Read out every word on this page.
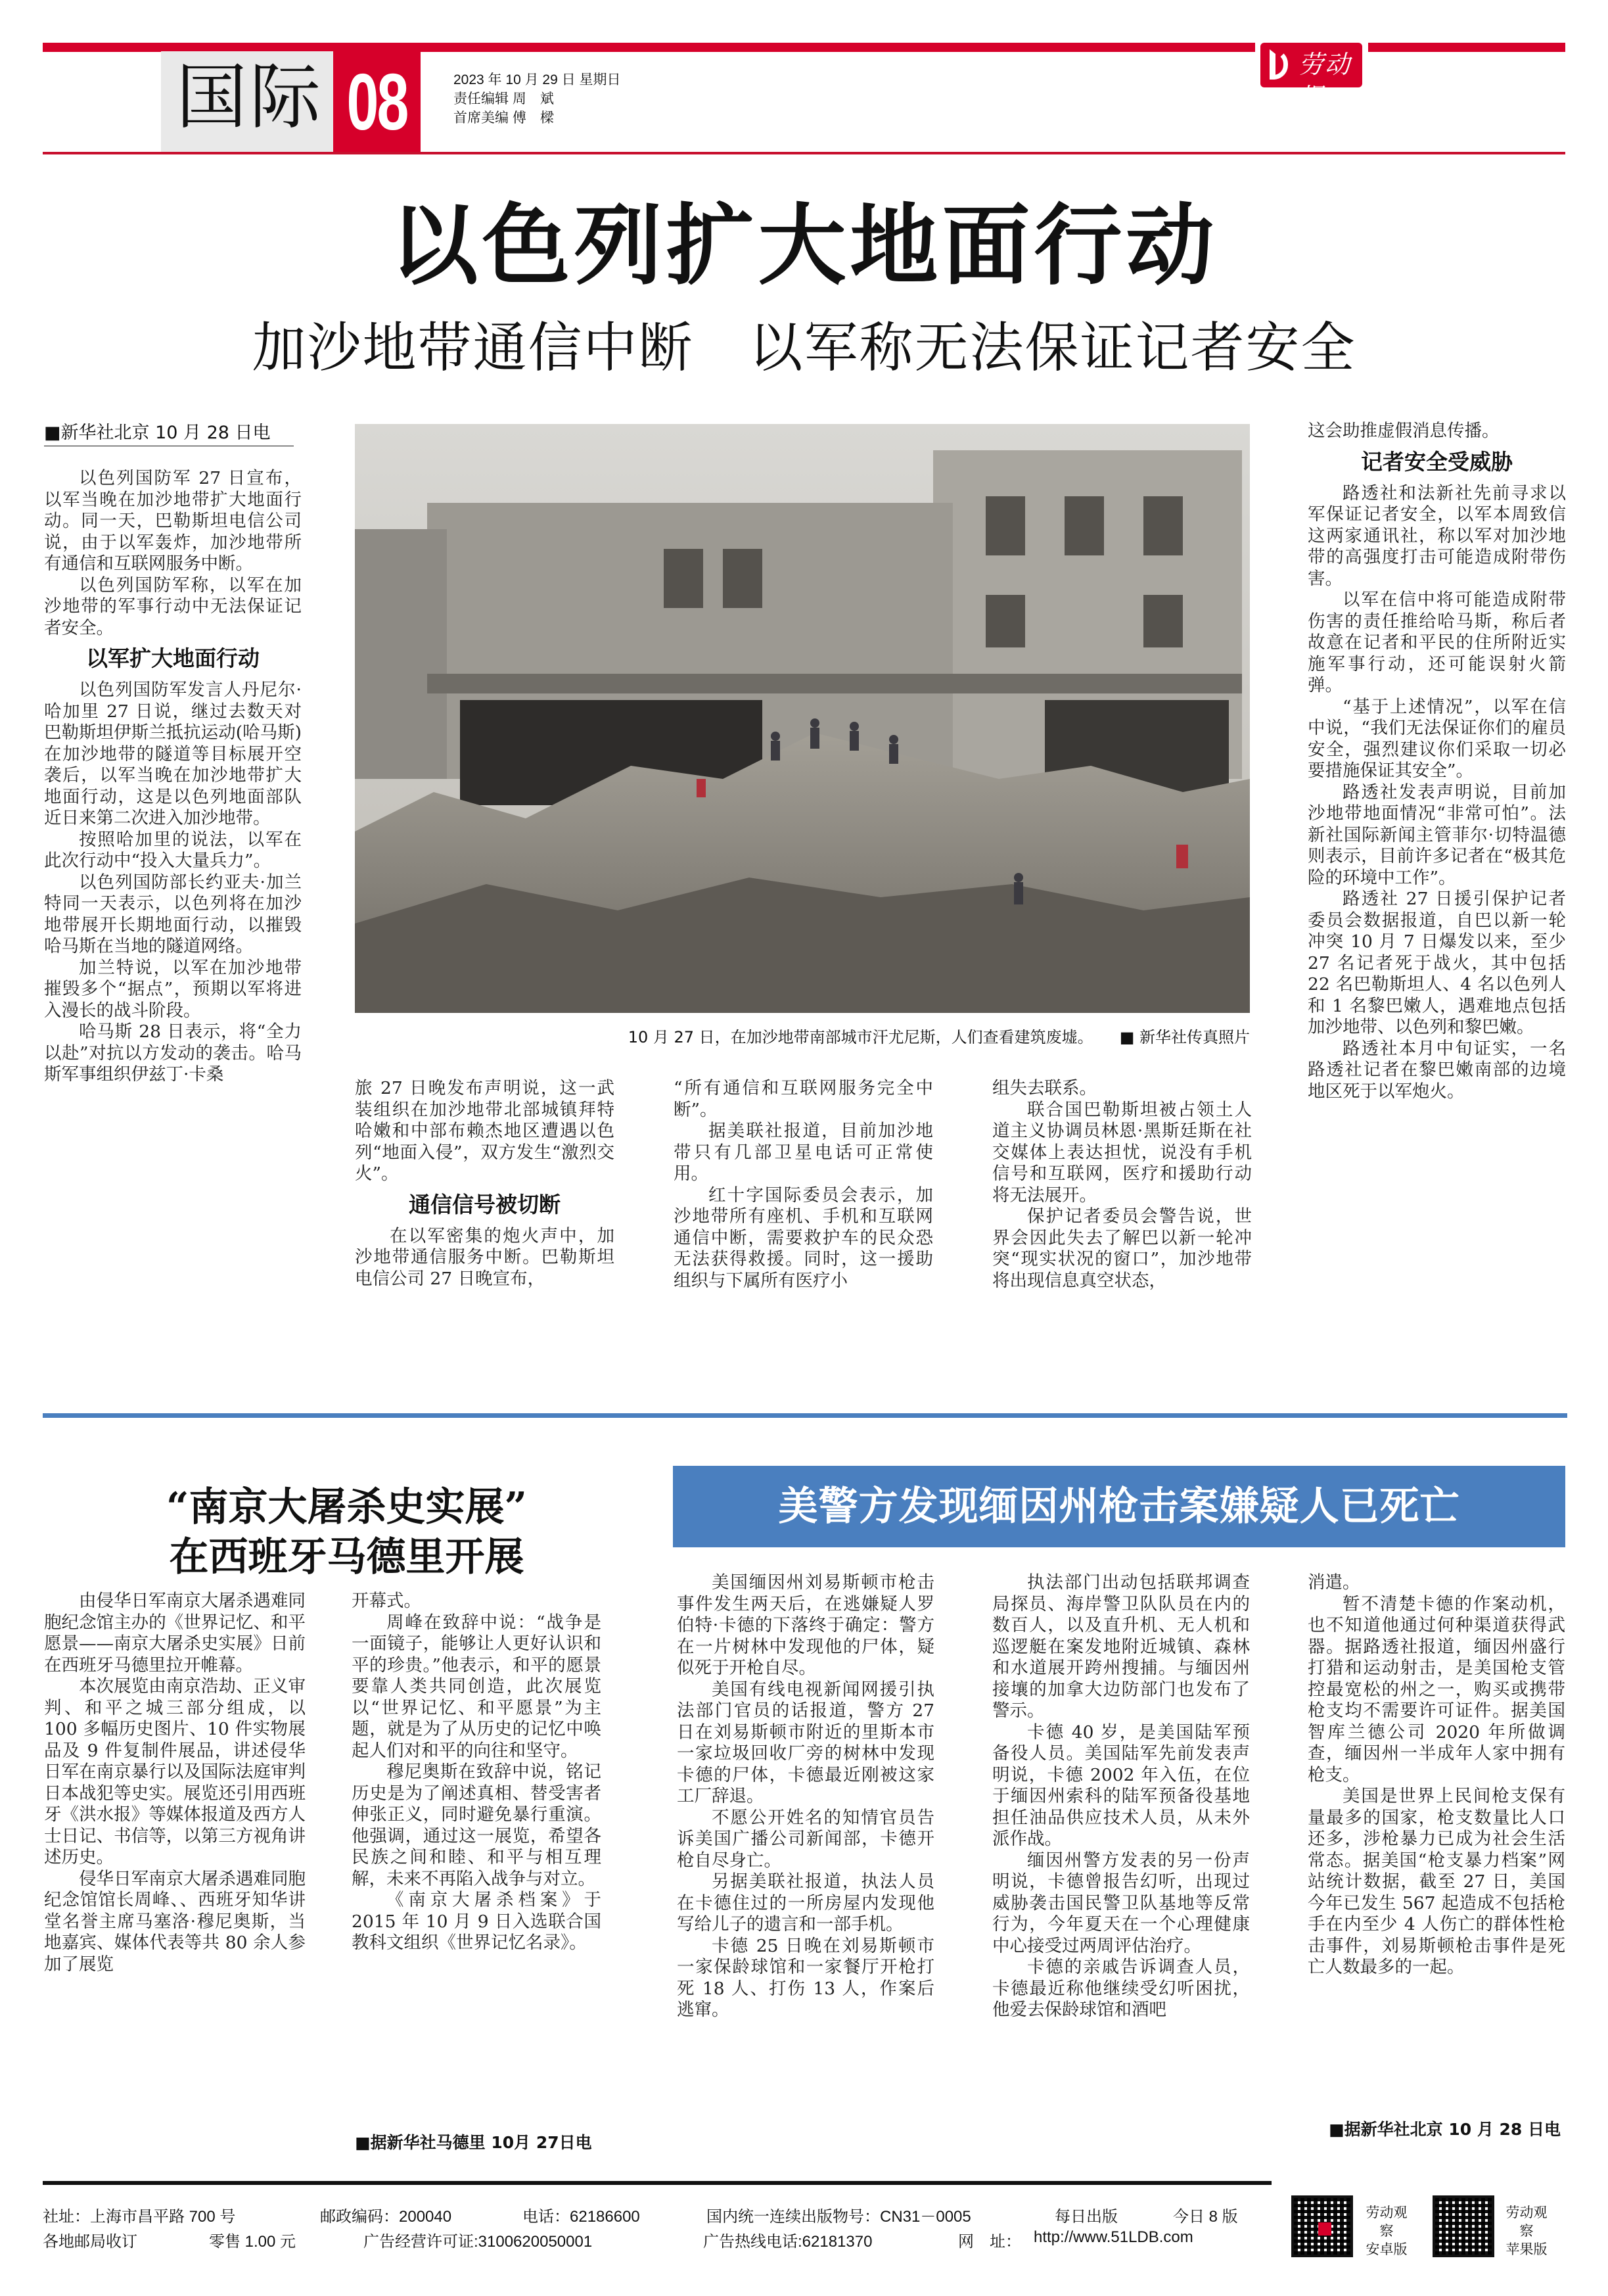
国际 08	2023 年 10 月 29 日 星期日
责任编辑 周　斌
首席美编 傅　樑
劳动报
以色列扩大地面行动
加沙地带通信中断　以军称无法保证记者安全
■新华社北京 10 月 28 日电

以色列国防军 27 日宣布，以军当晚在加沙地带扩大地面行动。同一天，巴勒斯坦电信公司说，由于以军轰炸，加沙地带所有通信和互联网服务中断。

以色列国防军称，以军在加沙地带的军事行动中无法保证记者安全。

以军扩大地面行动

以色列国防军发言人丹尼尔·哈加里 27 日说，继过去数天对巴勒斯坦伊斯兰抵抗运动(哈马斯)在加沙地带的隧道等目标展开空袭后，以军当晚在加沙地带扩大地面行动，这是以色列地面部队近日来第二次进入加沙地带。

按照哈加里的说法，以军在此次行动中“投入大量兵力”。

以色列国防部长约亚夫·加兰特同一天表示，以色列将在加沙地带展开长期地面行动，以摧毁哈马斯在当地的隧道网络。

加兰特说，以军在加沙地带摧毁多个“据点”，预期以军将进入漫长的战斗阶段。

哈马斯 28 日表示，将“全力以赴”对抗以方发动的袭击。哈马斯军事组织伊兹丁·卡桑

10 月 27 日，在加沙地带南部城市汗尤尼斯，人们查看建筑废墟。 ■ 新华社传真照片

旅 27 日晚发布声明说，这一武装组织在加沙地带北部城镇拜特哈嫩和中部布赖杰地区遭遇以色列“地面入侵”，双方发生“激烈交火”。

通信信号被切断

在以军密集的炮火声中，加沙地带通信服务中断。巴勒斯坦电信公司 27 日晚宣布，

“所有通信和互联网服务完全中断”。

据美联社报道，目前加沙地带只有几部卫星电话可正常使用。

红十字国际委员会表示，加沙地带所有座机、手机和互联网通信中断，需要救护车的民众恐无法获得救援。同时，这一援助组织与下属所有医疗小

组失去联系。

联合国巴勒斯坦被占领土人道主义协调员林恩·黑斯廷斯在社交媒体上表达担忧，说没有手机信号和互联网，医疗和援助行动将无法展开。

保护记者委员会警告说，世界会因此失去了解巴以新一轮冲突“现实状况的窗口”，加沙地带将出现信息真空状态，

这会助推虚假消息传播。

记者安全受威胁

路透社和法新社先前寻求以军保证记者安全，以军本周致信这两家通讯社，称以军对加沙地带的高强度打击可能造成附带伤害。

以军在信中将可能造成附带伤害的责任推给哈马斯，称后者故意在记者和平民的住所附近实施军事行动，还可能误射火箭弹。

“基于上述情况”，以军在信中说，“我们无法保证你们的雇员安全，强烈建议你们采取一切必要措施保证其安全”。

路透社发表声明说，目前加沙地带地面情况“非常可怕”。法新社国际新闻主管菲尔·切特温德则表示，目前许多记者在“极其危险的环境中工作”。

路透社 27 日援引保护记者委员会数据报道，自巴以新一轮冲突 10 月 7 日爆发以来，至少 27 名记者死于战火，其中包括 22 名巴勒斯坦人、4 名以色列人和 1 名黎巴嫩人，遇难地点包括加沙地带、以色列和黎巴嫩。

路透社本月中旬证实，一名路透社记者在黎巴嫩南部的边境地区死于以军炮火。

“南京大屠杀史实展”
在西班牙马德里开展

由侵华日军南京大屠杀遇难同胞纪念馆主办的《世界记忆、和平愿景——南京大屠杀史实展》日前在西班牙马德里拉开帷幕。

本次展览由南京浩劫、正义审判、和平之城三部分组成，以 100 多幅历史图片、10 件实物展品及 9 件复制件展品，讲述侵华日军在南京暴行以及国际法庭审判日本战犯等史实。展览还引用西班牙《洪水报》等媒体报道及西方人士日记、书信等，以第三方视角讲述历史。

侵华日军南京大屠杀遇难同胞纪念馆馆长周峰、、西班牙知华讲堂名誉主席马塞洛·穆尼奥斯，当地嘉宾、媒体代表等共 80 余人参加了展览

开幕式。

周峰在致辞中说：“战争是一面镜子，能够让人更好认识和平的珍贵。”他表示，和平的愿景要靠人类共同创造，此次展览以“世界记忆、和平愿景”为主题，就是为了从历史的记忆中唤起人们对和平的向往和坚守。

穆尼奥斯在致辞中说，铭记历史是为了阐述真相、替受害者伸张正义，同时避免暴行重演。他强调，通过这一展览，希望各民族之间和睦、和平与相互理解，未来不再陷入战争与对立。

《南京大屠杀档案》于 2015 年 10 月 9 日入选联合国教科文组织《世界记忆名录》。

■据新华社马德里 10月 27日电
美警方发现缅因州枪击案嫌疑人已死亡

美国缅因州刘易斯顿市枪击事件发生两天后，在逃嫌疑人罗伯特·卡德的下落终于确定：警方在一片树林中发现他的尸体，疑似死于开枪自尽。

美国有线电视新闻网援引执法部门官员的话报道，警方 27 日在刘易斯顿市附近的里斯本市一家垃圾回收厂旁的树林中发现卡德的尸体，卡德最近刚被这家工厂辞退。

不愿公开姓名的知情官员告诉美国广播公司新闻部，卡德开枪自尽身亡。

另据美联社报道，执法人员在卡德住过的一所房屋内发现他写给儿子的遗言和一部手机。

卡德 25 日晚在刘易斯顿市一家保龄球馆和一家餐厅开枪打死 18 人、打伤 13 人，作案后逃窜。

执法部门出动包括联邦调查局探员、海岸警卫队队员在内的数百人，以及直升机、无人机和巡逻艇在案发地附近城镇、森林和水道展开跨州搜捕。与缅因州接壤的加拿大边防部门也发布了警示。

卡德 40 岁，是美国陆军预备役人员。美国陆军先前发表声明说，卡德 2002 年入伍，在位于缅因州索科的陆军预备役基地担任油品供应技术人员，从未外派作战。

缅因州警方发表的另一份声明说，卡德曾报告幻听，出现过威胁袭击国民警卫队基地等反常行为，今年夏天在一个心理健康中心接受过两周评估治疗。

卡德的亲戚告诉调查人员，卡德最近称他继续受幻听困扰，他爱去保龄球馆和酒吧

消遣。

暂不清楚卡德的作案动机，也不知道他通过何种渠道获得武器。据路透社报道，缅因州盛行打猎和运动射击，是美国枪支管控最宽松的州之一，购买或携带枪支均不需要许可证件。据美国智库兰德公司 2020 年所做调查，缅因州一半成年人家中拥有枪支。

美国是世界上民间枪支保有量最多的国家，枪支数量比人口还多，涉枪暴力已成为社会生活常态。据美国“枪支暴力档案”网站统计数据，截至 27 日，美国今年已发生 567 起造成不包括枪手在内至少 4 人伤亡的群体性枪击事件，刘易斯顿枪击事件是死亡人数最多的一起。

■据新华社北京 10 月 28 日电
社址：上海市昌平路 700 号	邮政编码：200040	电话：62186600	国内统一连续出版物号：CN31－0005	每日出版	今日 8 版
各地邮局收订	零售 1.00 元	广告经营许可证:3100620050001	广告热线电话:62181370	网　址： http://www.51LDB.com
劳动观察
安卓版
劳动观察
苹果版
